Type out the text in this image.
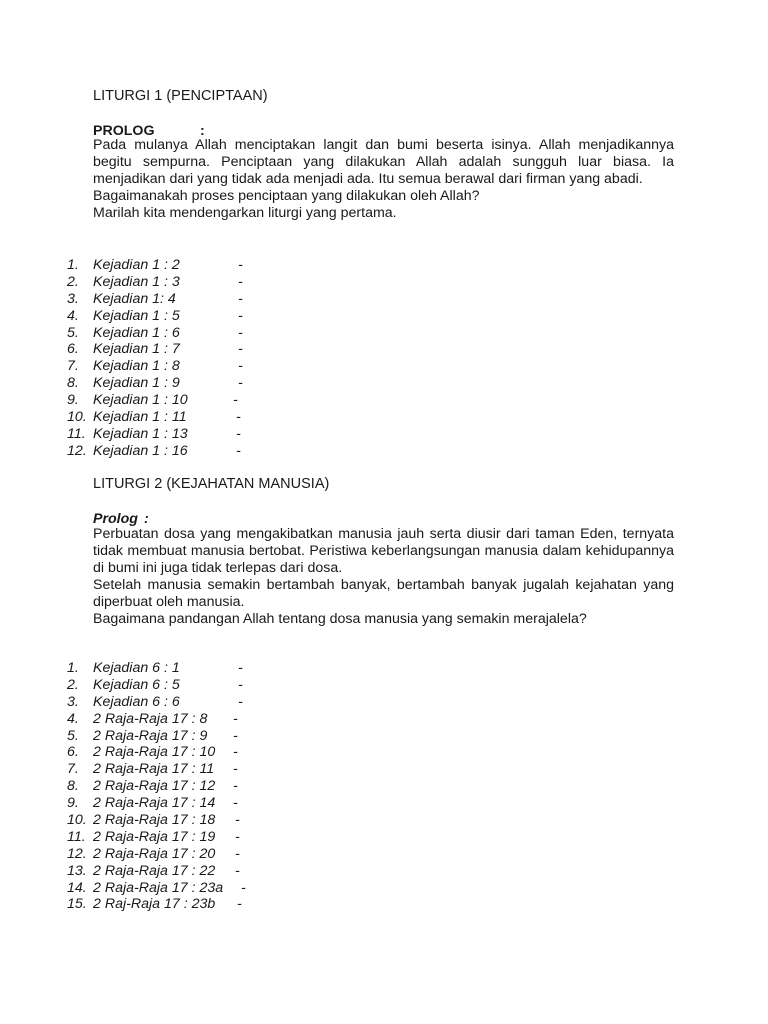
LITURGI 1 (PENCIPTAAN)
PROLOG	:

Pada mulanya Allah menciptakan langit dan bumi beserta isinya. Allah menjadikannya begitu sempurna. Penciptaan yang dilakukan Allah adalah sungguh luar biasa. Ia menjadikan dari yang tidak ada menjadi ada. Itu semua berawal dari firman yang abadi.

Bagaimanakah proses penciptaan yang dilakukan oleh Allah?

Marilah kita mendengarkan liturgi yang pertama.

1. Kejadian 1 : 2	-
2. Kejadian 1 : 3	-
3. Kejadian 1: 4	-
4. Kejadian 1 : 5	-
5. Kejadian 1 : 6	-
6. Kejadian 1 : 7	-
7. Kejadian 1 : 8	-
8. Kejadian 1 : 9	-
9. Kejadian 1 : 10	-
10. Kejadian 1 : 11	-
11. Kejadian 1 : 13	-
12. Kejadian 1 : 16	-
LITURGI 2 (KEJAHATAN MANUSIA)
Prolog :

Perbuatan dosa yang mengakibatkan manusia jauh serta diusir dari taman Eden, ternyata tidak membuat manusia bertobat. Peristiwa keberlangsungan manusia dalam kehidupannya di bumi ini juga tidak terlepas dari dosa.

Setelah manusia semakin bertambah banyak, bertambah banyak jugalah kejahatan yang diperbuat oleh manusia.

Bagaimana pandangan Allah tentang dosa manusia yang semakin merajalela?

1. Kejadian 6 : 1	-
2. Kejadian 6 : 5	-
3. Kejadian 6 : 6	-
4. 2 Raja-Raja 17 : 8 -
5. 2 Raja-Raja 17 : 9 -
6. 2 Raja-Raja 17 : 10 -
7. 2 Raja-Raja 17 : 11 -
8. 2 Raja-Raja 17 : 12 -
9. 2 Raja-Raja 17 : 14 -
10. 2 Raja-Raja 17 : 18 -
11. 2 Raja-Raja 17 : 19 -
12. 2 Raja-Raja 17 : 20 -
13. 2 Raja-Raja 17 : 22 -
14. 2 Raja-Raja 17 : 23a -
15. 2 Raj-Raja 17 : 23b -
